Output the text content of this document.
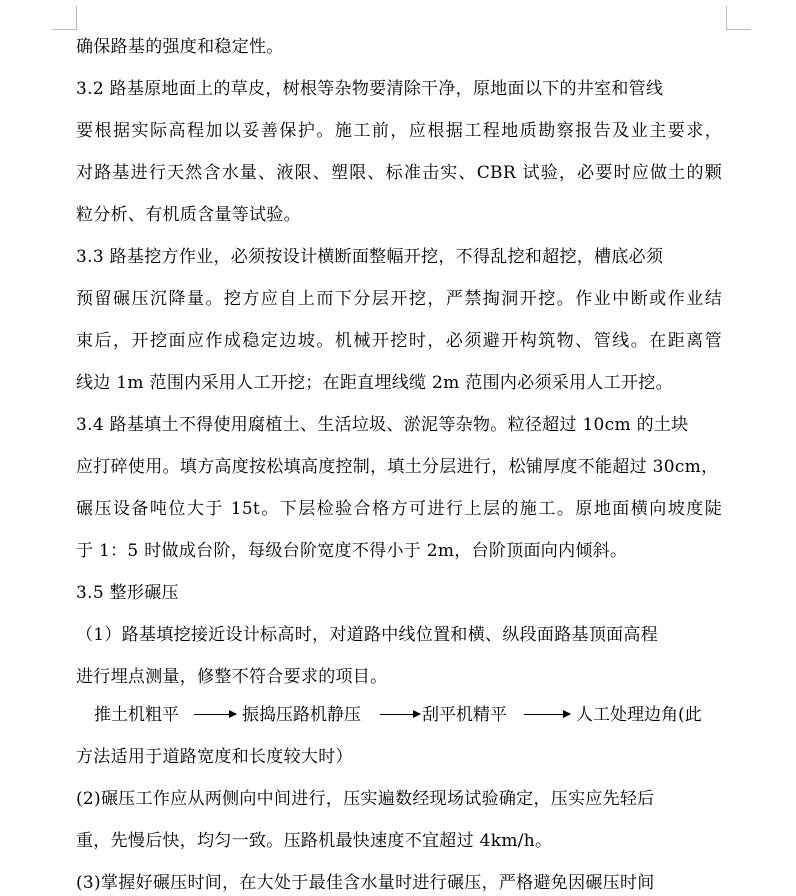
确保路基的强度和稳定性。
3.2 路基原地面上的草皮，树根等杂物要清除干净，原地面以下的井室和管线
要根据实际高程加以妥善保护。施工前，应根据工程地质勘察报告及业主要求，
对路基进行天然含水量、液限、塑限、标准击实、CBR 试验，必要时应做土的颗
粒分析、有机质含量等试验。
3.3 路基挖方作业，必须按设计横断面整幅开挖，不得乱挖和超挖，槽底必须
预留碾压沉降量。挖方应自上而下分层开挖，严禁掏洞开挖。作业中断或作业结
束后，开挖面应作成稳定边坡。机械开挖时，必须避开构筑物、管线。在距离管
线边 1m 范围内采用人工开挖；在距直埋线缆 2m 范围内必须采用人工开挖。
3.4 路基填土不得使用腐植土、生活垃圾、淤泥等杂物。粒径超过 10cm 的土块
应打碎使用。填方高度按松填高度控制，填土分层进行，松铺厚度不能超过 30cm，
碾压设备吨位大于 15t。下层检验合格方可进行上层的施工。原地面横向坡度陡
于 1：5 时做成台阶，每级台阶宽度不得小于 2m，台阶顶面向内倾斜。
3.5 整形碾压
（1）路基填挖接近设计标高时，对道路中线位置和横、纵段面路基顶面高程
进行埋点测量，修整不符合要求的项目。
推土机粗平	振捣压路机静压	刮平机精平	人工处理边角(此
方法适用于道路宽度和长度较大时）
(2)碾压工作应从两侧向中间进行，压实遍数经现场试验确定，压实应先轻后
重，先慢后快，均匀一致。压路机最快速度不宜超过 4km/h。
(3)掌握好碾压时间，在大处于最佳含水量时进行碾压，严格避免因碾压时间
